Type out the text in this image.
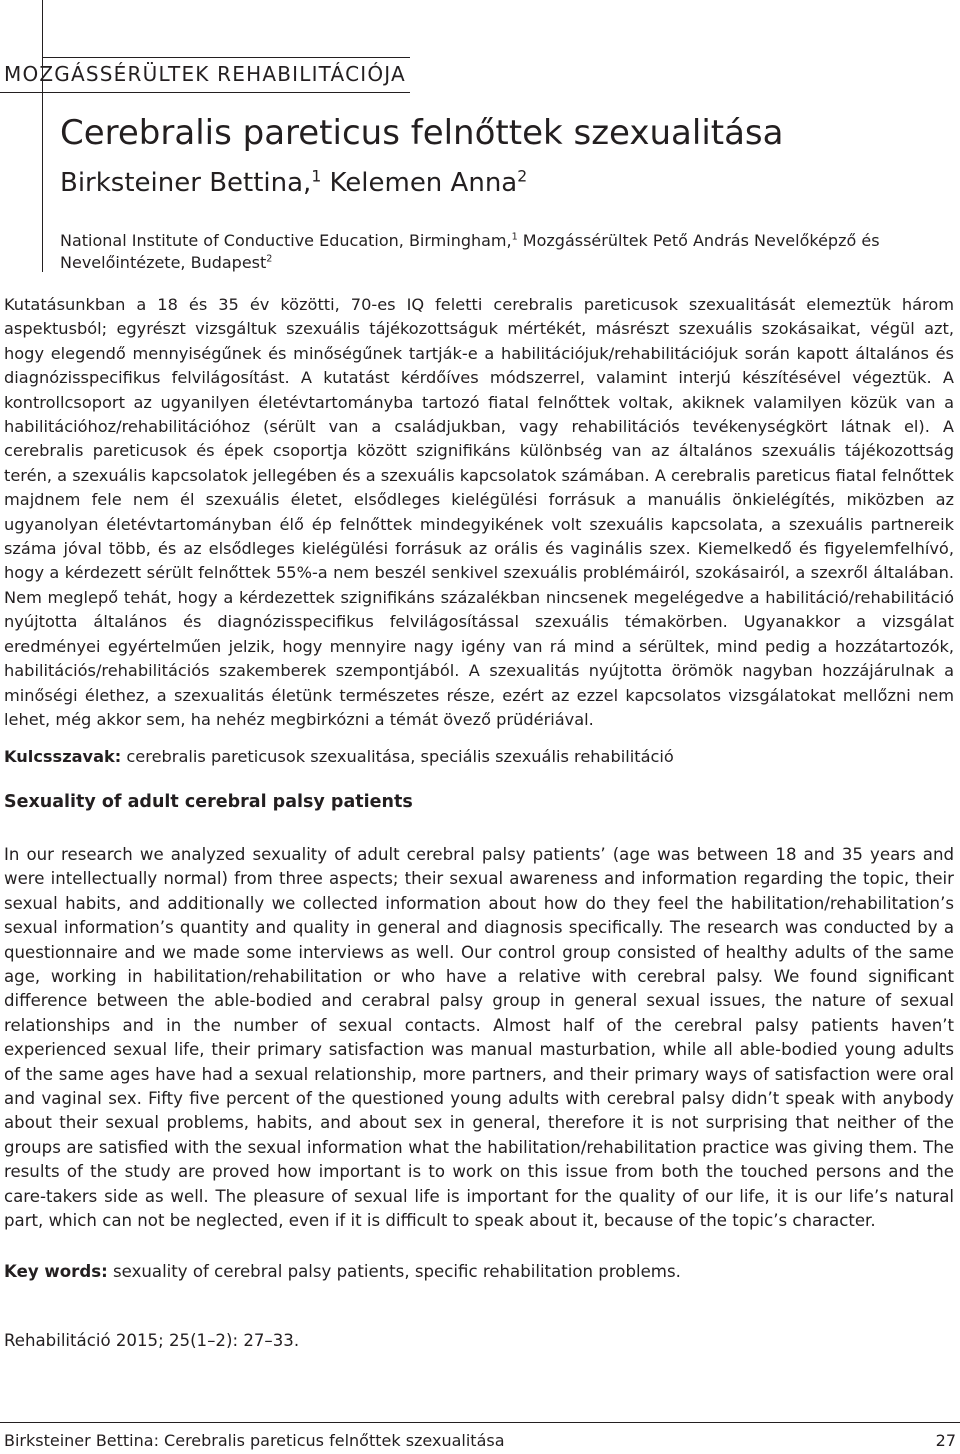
MOZGÁSSÉRÜLTEK REHABILITÁCIÓJA
Cerebralis pareticus felnőttek szexualitása
Birksteiner Bettina,$^1$ Kelemen Anna$^2$
National Institute of Conductive Education, Birmingham,$^1$ Mozgássérültek Pető András Nevelőképző és Nevelőintézete, Budapest$^2$

Kutatásunkban a 18 és 35 év közötti, 70-es IQ feletti cerebralis pareticusok szexualitását elemeztük három aspektusból; egyrészt vizsgáltuk szexuális tájékozottságuk mértékét, másrészt szexuális szokásaikat, végül azt, hogy elegendő mennyiségűnek és minőségűnek tartják-e a habilitációjuk/rehabilitációjuk során kapott általános és diagnózisspecifikus felvilágosítást. A kutatást kérdőíves módszerrel, valamint interjú készítésével végeztük. A kontrollcsoport az ugyanilyen életévtartományba tartozó fiatal felnőttek voltak, akiknek valamilyen közük van a habilitációhoz/rehabilitációhoz (sérült van a családjukban, vagy rehabilitációs tevékenységkört látnak el). A cerebralis pareticusok és épek csoportja között szignifikáns különbség van az általános szexuális tájékozottság terén, a szexuális kapcsolatok jellegében és a szexuális kapcsolatok számában. A cerebralis pareticus fiatal felnőttek majdnem fele nem él szexuális életet, elsődleges kielégülési forrásuk a manuális önkielégítés, miközben az ugyanolyan életévtartományban élő ép felnőttek mindegyikének volt szexuális kapcsolata, a szexuális partnereik száma jóval több, és az elsődleges kielégülési forrásuk az orális és vaginális szex. Kiemelkedő és figyelemfelhívó, hogy a kérdezett sérült felnőttek 55%-a nem beszél senkivel szexuális problémáiról, szokásairól, a szexről általában. Nem meglepő tehát, hogy a kérdezettek szignifikáns százalékban nincsenek megelégedve a habilitáció/rehabilitáció nyújtotta általános és diagnózisspecifikus felvilágosítással szexuális témakörben. Ugyanakkor a vizsgálat eredményei egyértelműen jelzik, hogy mennyire nagy igény van rá mind a sérültek, mind pedig a hozzátartozók, habilitációs/rehabilitációs szakemberek szempontjából. A szexualitás nyújtotta örömök nagyban hozzájárulnak a minőségi élethez, a szexualitás életünk természetes része, ezért az ezzel kapcsolatos vizsgálatokat mellőzni nem lehet, még akkor sem, ha nehéz megbirkózni a témát övező prüdériával.

Kulcsszavak: cerebralis pareticusok szexualitása, speciális szexuális rehabilitáció

Sexuality of adult cerebral palsy patients

In our research we analyzed sexuality of adult cerebral palsy patients’ (age was between 18 and 35 years and were intellectually normal) from three aspects; their sexual awareness and information regarding the topic, their sexual habits, and additionally we collected information about how do they feel the habilitation/rehabilitation’s sexual information’s quantity and quality in general and diagnosis specifically. The research was conducted by a questionnaire and we made some interviews as well. Our control group consisted of healthy adults of the same age, working in habilitation/rehabilitation or who have a relative with cerebral palsy. We found significant difference between the able-bodied and cerabral palsy group in general sexual issues, the nature of sexual relationships and in the number of sexual contacts. Almost half of the cerebral palsy patients haven’t experienced sexual life, their primary satisfaction was manual masturbation, while all able-bodied young adults of the same ages have had a sexual relationship, more partners, and their primary ways of satisfaction were oral and vaginal sex. Fifty five percent of the questioned young adults with cerebral palsy didn’t speak with anybody about their sexual problems, habits, and about sex in general, therefore it is not surprising that neither of the groups are satisfied with the sexual information what the habilitation/rehabilitation practice was giving them. The results of the study are proved how important is to work on this issue from both the touched persons and the care-takers side as well. The pleasure of sexual life is important for the quality of our life, it is our life’s natural part, which can not be neglected, even if it is difficult to speak about it, because of the topic’s character.

Key words: sexuality of cerebral palsy patients, specific rehabilitation problems.

Rehabilitáció 2015; 25(1–2): 27–33.
Birksteiner Bettina: Cerebralis pareticus felnőttek szexualitása	27
